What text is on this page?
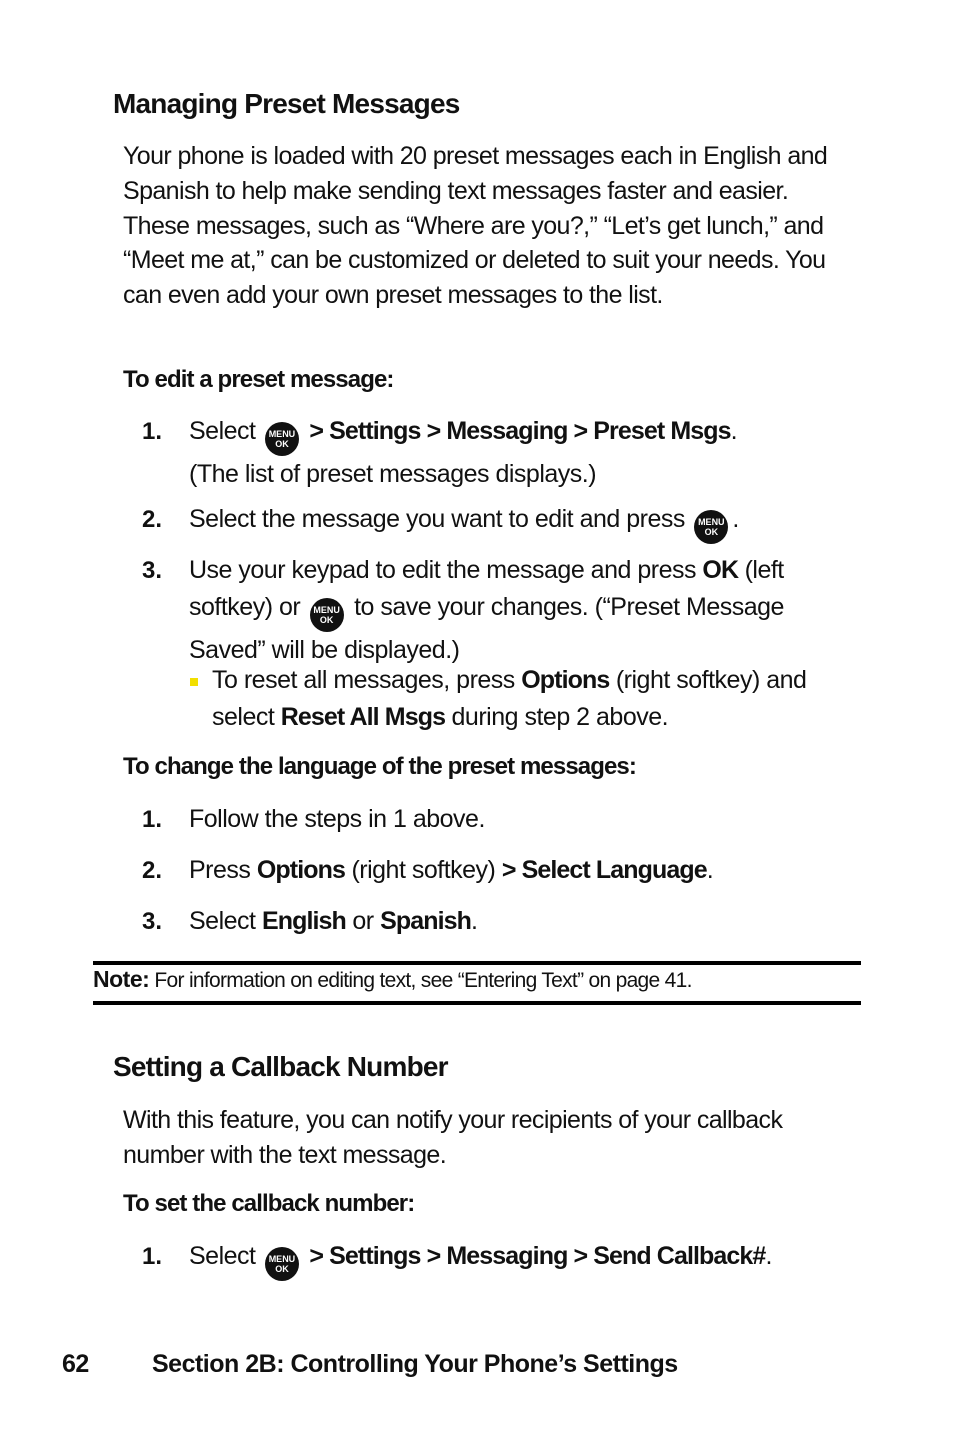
Managing Preset Messages
Your phone is loaded with 20 preset messages each in English and Spanish to help make sending text messages faster and easier. These messages, such as “Where are you?,” “Let’s get lunch,” and “Meet me at,” can be customized or deleted to suit your needs. You can even add your own preset messages to the list.
To edit a preset message:
1. Select	MENU
OK > Settings > Messaging > Preset Msgs.
(The list of preset messages displays.)
2. Select the message you want to edit and press	MENU
OK .
3. Use your keypad to edit the message and press OK (left
softkey) or	MENU
OK to save your changes. (“Preset Message
Saved” will be displayed.)
To reset all messages, press Options (right softkey) and
select Reset All Msgs during step 2 above.
To change the language of the preset messages:
1. Follow the steps in 1 above.
2. Press Options (right softkey) > Select Language.
3. Select English or Spanish.
Note: For information on editing text, see “Entering Text” on page 41.
Setting a Callback Number
With this feature, you can notify your recipients of your callback number with the text message.
To set the callback number:
1. Select	MENU
OK > Settings > Messaging > Send Callback#.
62	Section 2B: Controlling Your Phone’s Settings
